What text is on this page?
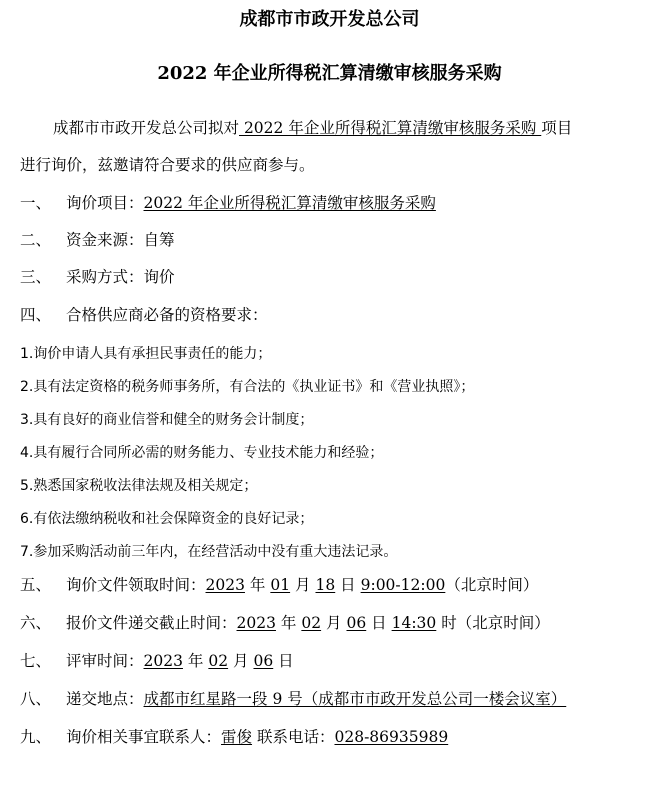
成都市市政开发总公司
2022 年企业所得税汇算清缴审核服务采购
成都市市政开发总公司拟对 2022 年企业所得税汇算清缴审核服务采购 项目
进行询价，兹邀请符合要求的供应商参与。
一、 询价项目：2022 年企业所得税汇算清缴审核服务采购
二、 资金来源：自筹
三、 采购方式：询价
四、 合格供应商必备的资格要求：
1.询价申请人具有承担民事责任的能力；
2.具有法定资格的税务师事务所，有合法的《执业证书》和《营业执照》；
3.具有良好的商业信誉和健全的财务会计制度；
4.具有履行合同所必需的财务能力、专业技术能力和经验；
5.熟悉国家税收法律法规及相关规定；
6.有依法缴纳税收和社会保障资金的良好记录；
7.参加采购活动前三年内，在经营活动中没有重大违法记录。
五、 询价文件领取时间：2023 年 01 月 18 日 9:00-12:00（北京时间）
六、 报价文件递交截止时间：2023 年 02 月 06 日 14:30 时（北京时间）
七、 评审时间：2023 年 02 月 06 日
八、 递交地点：成都市红星路一段 9 号（成都市市政开发总公司一楼会议室）
九、 询价相关事宜联系人：雷俊 联系电话：028-86935989
